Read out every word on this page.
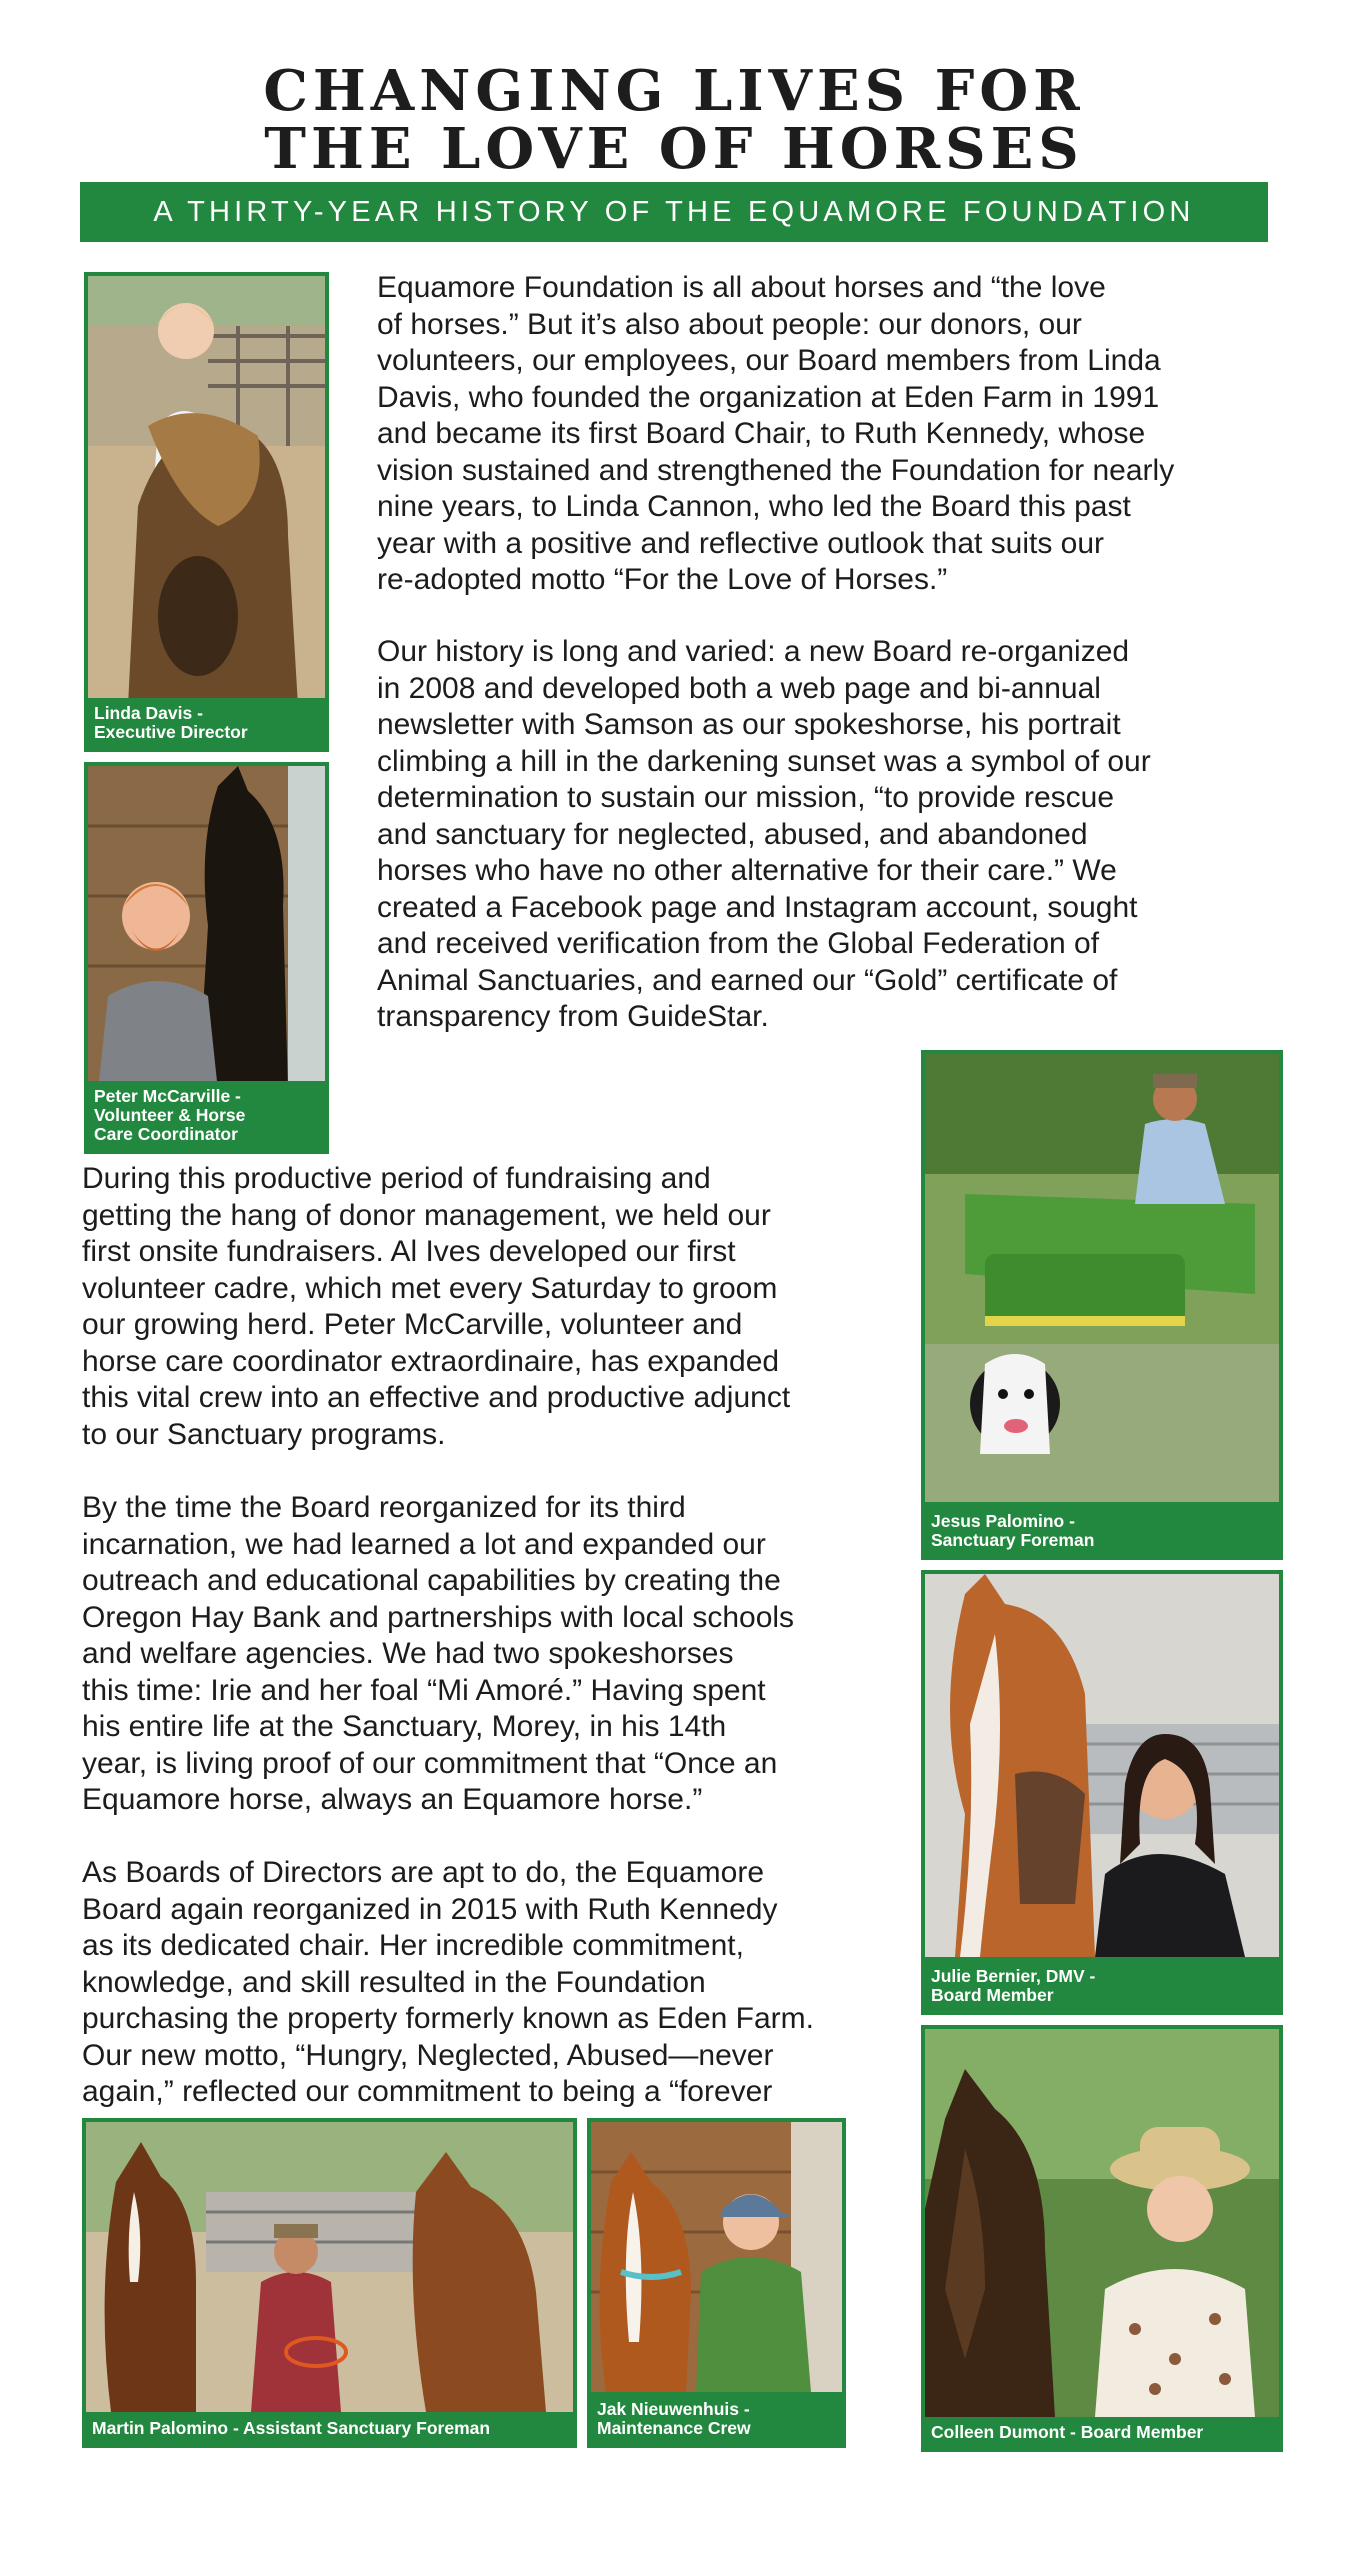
CHANGING LIVES FOR
THE LOVE OF HORSES
A THIRTY-YEAR HISTORY OF THE EQUAMORE FOUNDATION
Equamore Foundation is all about horses and “the love
of horses.” But it’s also about people: our donors, our
volunteers, our employees, our Board members from Linda
Davis, who founded the organization at Eden Farm in 1991
and became its first Board Chair, to Ruth Kennedy, whose
vision sustained and strengthened the Foundation for nearly
nine years, to Linda Cannon, who led the Board this past
year with a positive and reflective outlook that suits our
re-adopted motto “For the Love of Horses.”
Our history is long and varied: a new Board re-organized
in 2008 and developed both a web page and bi-annual
newsletter with Samson as our spokeshorse, his portrait
climbing a hill in the darkening sunset was a symbol of our
determination to sustain our mission, “to provide rescue
and sanctuary for neglected, abused, and abandoned
horses who have no other alternative for their care.” We
created a Facebook page and Instagram account, sought
and received verification from the Global Federation of
Animal Sanctuaries, and earned our “Gold” certificate of
transparency from GuideStar.
During this productive period of fundraising and
getting the hang of donor management, we held our
first onsite fundraisers. Al Ives developed our first
volunteer cadre, which met every Saturday to groom
our growing herd. Peter McCarville, volunteer and
horse care coordinator extraordinaire, has expanded
this vital crew into an effective and productive adjunct
to our Sanctuary programs.
By the time the Board reorganized for its third
incarnation, we had learned a lot and expanded our
outreach and educational capabilities by creating the
Oregon Hay Bank and partnerships with local schools
and welfare agencies. We had two spokeshorses
this time: Irie and her foal “Mi Amoré.” Having spent
his entire life at the Sanctuary, Morey, in his 14th
year, is living proof of our commitment that “Once an
Equamore horse, always an Equamore horse.”
As Boards of Directors are apt to do, the Equamore
Board again reorganized in 2015 with Ruth Kennedy
as its dedicated chair. Her incredible commitment,
knowledge, and skill resulted in the Foundation
purchasing the property formerly known as Eden Farm.
Our new motto, “Hungry, Neglected, Abused—never
again,” reflected our commitment to being a “forever
Linda Davis -
Executive Director
Peter McCarville -
Volunteer & Horse
Care Coordinator
Jesus Palomino -
Sanctuary Foreman
Julie Bernier, DMV -
Board Member
Colleen Dumont - Board Member
Martin Palomino - Assistant Sanctuary Foreman
Jak Nieuwenhuis -
Maintenance Crew
